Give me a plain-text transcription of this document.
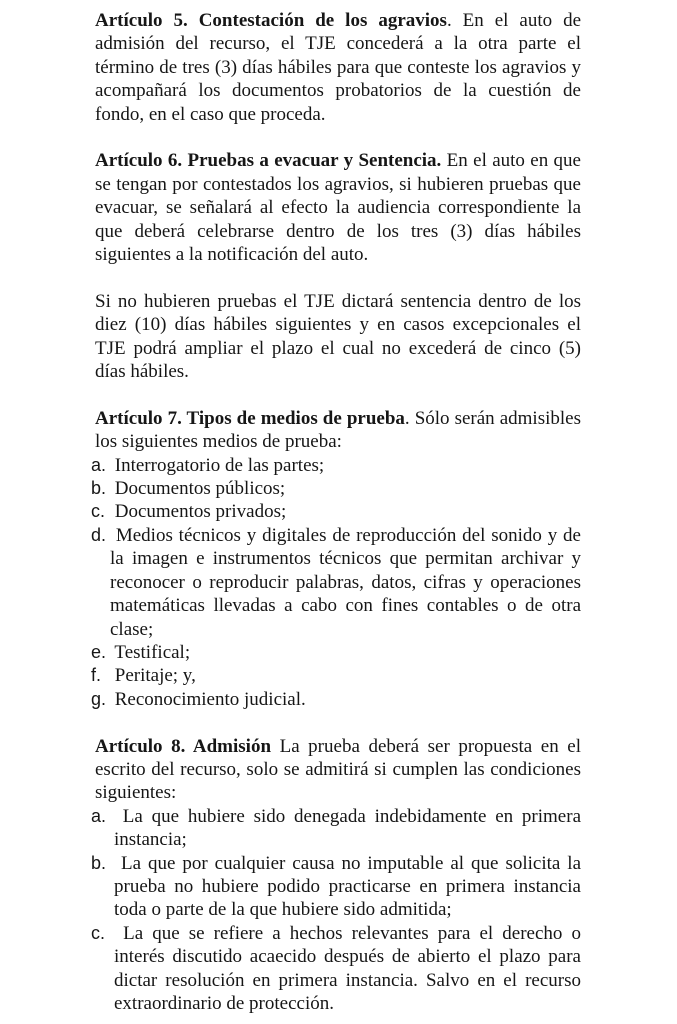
Artículo 5. Contestación de los agravios. En el auto de admisión del recurso, el TJE concederá a la otra parte el término de tres (3) días hábiles para que conteste los agravios y acompañará los documentos probatorios de la cuestión de fondo, en el caso que proceda.

Artículo 6. Pruebas a evacuar y Sentencia. En el auto en que se tengan por contestados los agravios, si hubieren pruebas que evacuar, se señalará al efecto la audiencia correspondiente la que deberá celebrarse dentro de los tres (3) días hábiles siguientes a la notificación del auto.

Si no hubieren pruebas el TJE dictará sentencia dentro de los diez (10) días hábiles siguientes y en casos excepcionales el TJE podrá ampliar el plazo el cual no excederá de cinco (5) días hábiles.

Artículo 7. Tipos de medios de prueba. Sólo serán admisibles los siguientes medios de prueba:

a. Interrogatorio de las partes;
b. Documentos públicos;
c. Documentos privados;
d. Medios técnicos y digitales de reproducción del sonido y de la imagen e instrumentos técnicos que permitan archivar y reconocer o reproducir palabras, datos, cifras y operaciones matemáticas llevadas a cabo con fines contables o de otra clase;
e. Testifical;
f. Peritaje; y,
g. Reconocimiento judicial.

Artículo 8. Admisión La prueba deberá ser propuesta en el escrito del recurso, solo se admitirá si cumplen las condiciones siguientes:

a. La que hubiere sido denegada indebidamente en primera instancia;
b. La que por cualquier causa no imputable al que solicita la prueba no hubiere podido practicarse en primera instancia toda o parte de la que hubiere sido admitida;
c. La que se refiere a hechos relevantes para el derecho o interés discutido acaecido después de abierto el plazo para dictar resolución en primera instancia. Salvo en el recurso extraordinario de protección.
